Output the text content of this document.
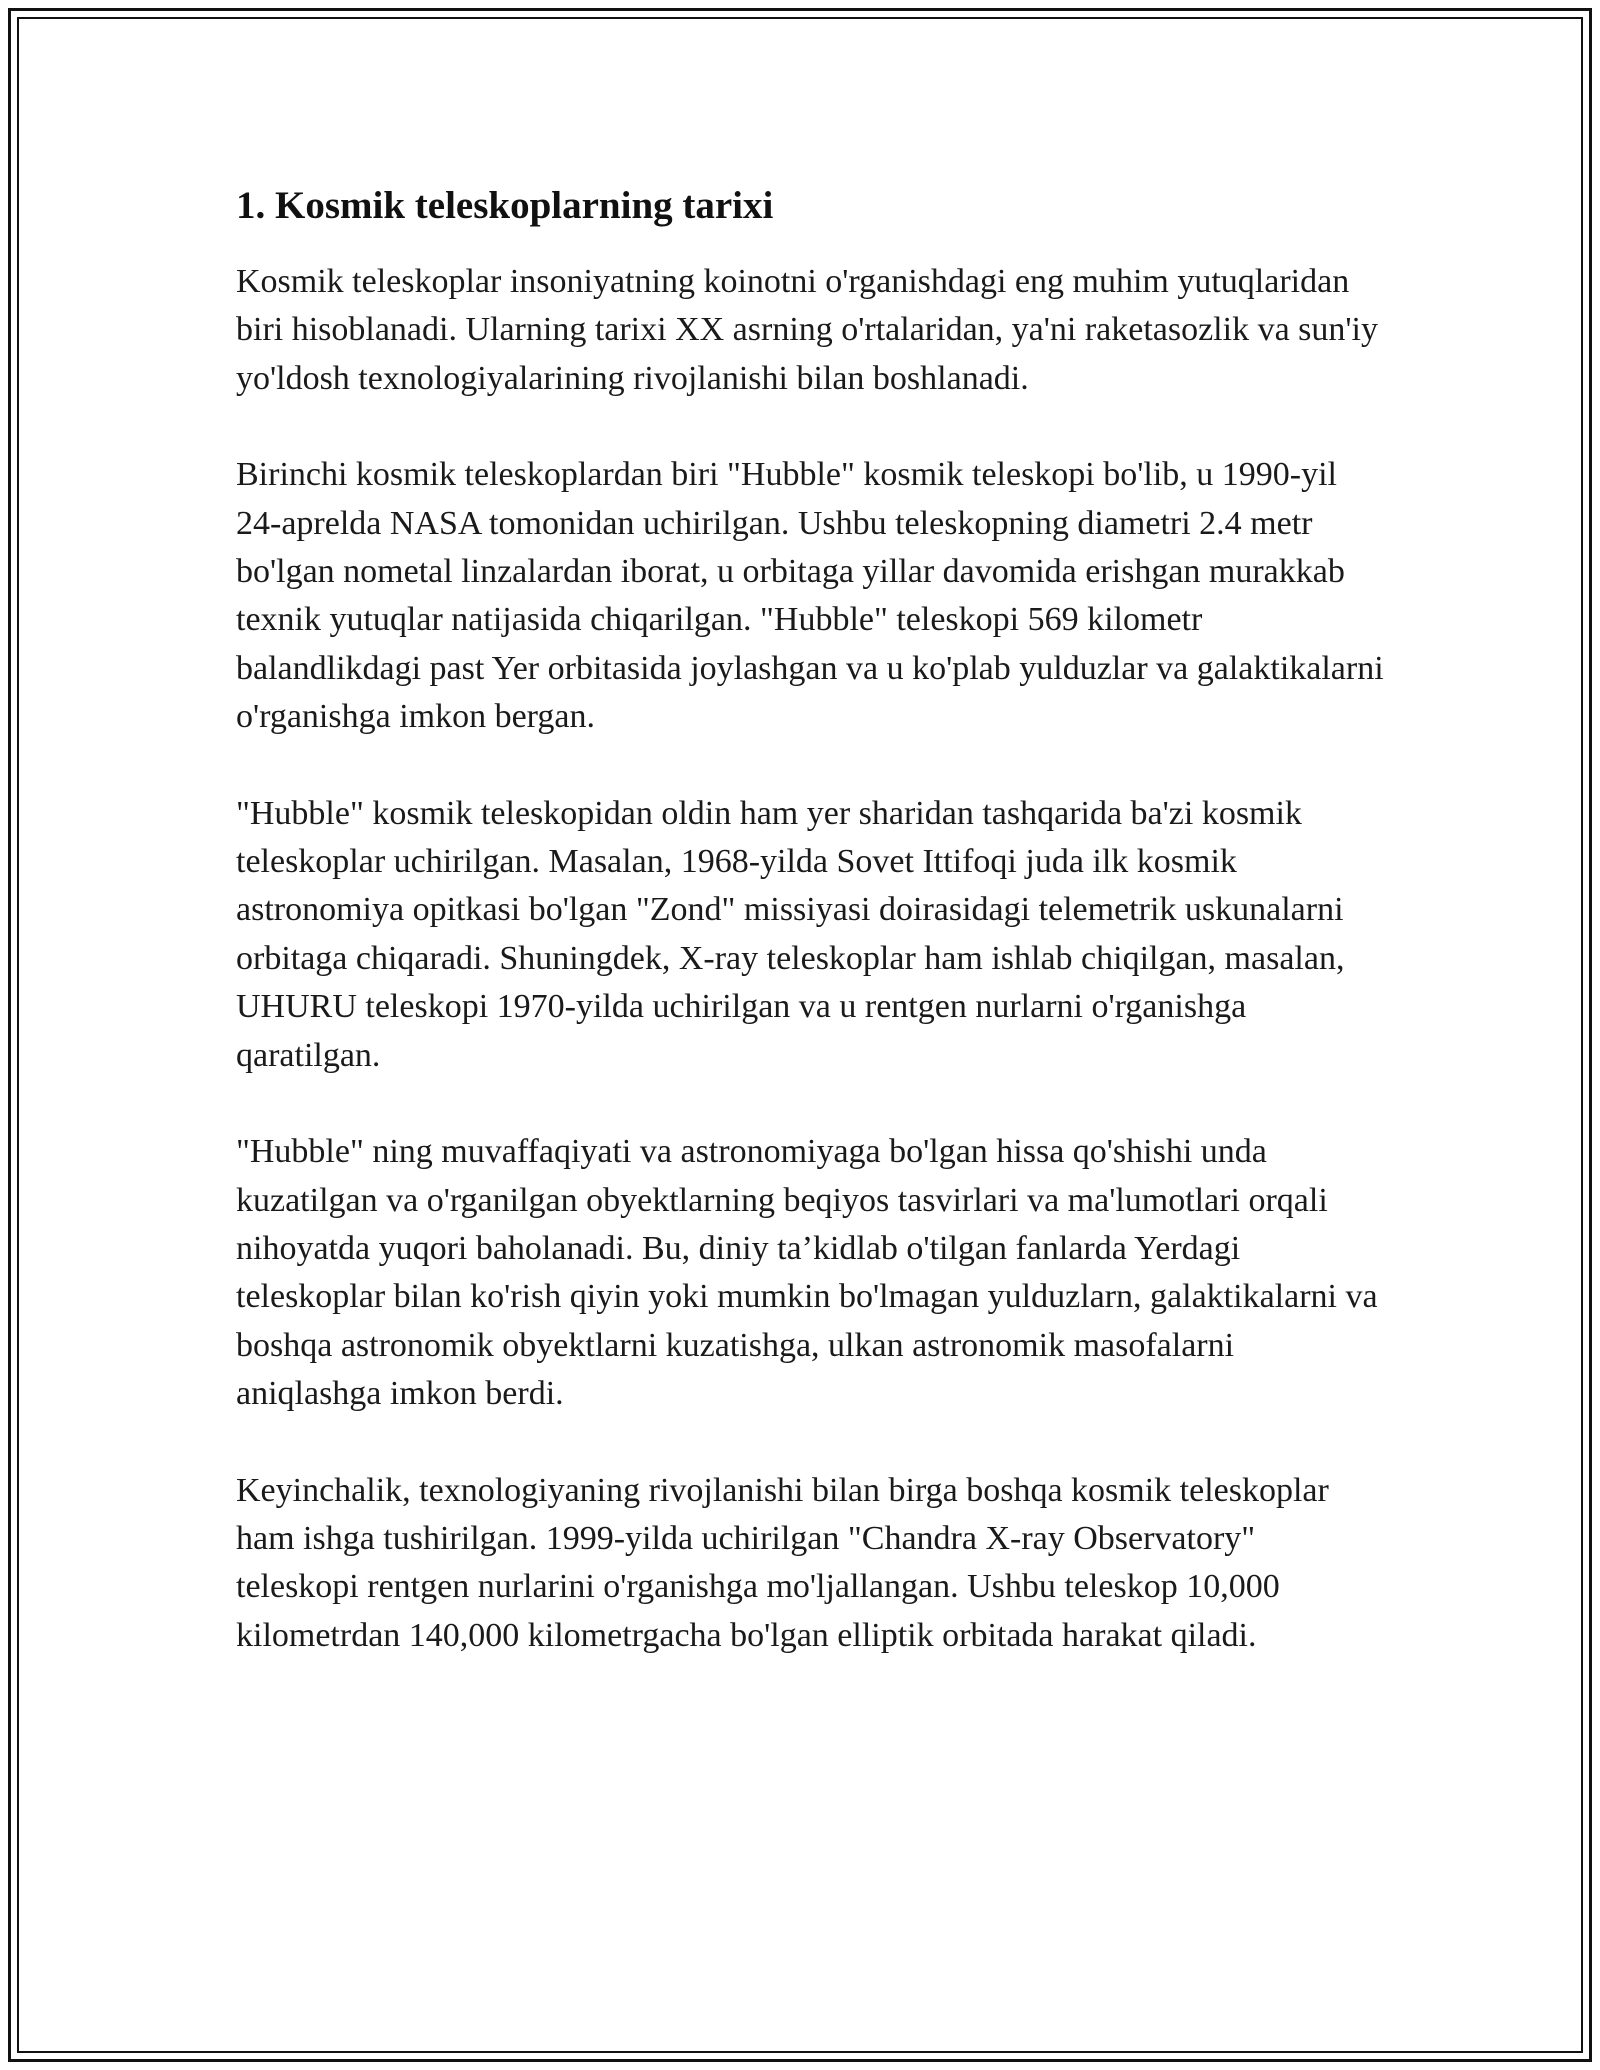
1. Kosmik teleskoplarning tarixi

Kosmik teleskoplar insoniyatning koinotni o'rganishdagi eng muhim yutuqlaridan biri hisoblanadi. Ularning tarixi XX asrning o'rtalaridan, ya'ni raketasozlik va sun'iy yo'ldosh texnologiyalarining rivojlanishi bilan boshlanadi.

Birinchi kosmik teleskoplardan biri "Hubble" kosmik teleskopi bo'lib, u 1990-yil 24-aprelda NASA tomonidan uchirilgan. Ushbu teleskopning diametri 2.4 metr bo'lgan nometal linzalardan iborat, u orbitaga yillar davomida erishgan murakkab texnik yutuqlar natijasida chiqarilgan. "Hubble" teleskopi 569 kilometr balandlikdagi past Yer orbitasida joylashgan va u ko'plab yulduzlar va galaktikalarni o'rganishga imkon bergan.

"Hubble" kosmik teleskopidan oldin ham yer sharidan tashqarida ba'zi kosmik teleskoplar uchirilgan. Masalan, 1968-yilda Sovet Ittifoqi juda ilk kosmik astronomiya opitkasi bo'lgan "Zond" missiyasi doirasidagi telemetrik uskunalarni orbitaga chiqaradi. Shuningdek, X-ray teleskoplar ham ishlab chiqilgan, masalan, UHURU teleskopi 1970-yilda uchirilgan va u rentgen nurlarni o'rganishga qaratilgan.

"Hubble" ning muvaffaqiyati va astronomiyaga bo'lgan hissa qo'shishi unda kuzatilgan va o'rganilgan obyektlarning beqiyos tasvirlari va ma'lumotlari orqali nihoyatda yuqori baholanadi. Bu, diniy ta’kidlab o'tilgan fanlarda Yerdagi teleskoplar bilan ko'rish qiyin yoki mumkin bo'lmagan yulduzlarn, galaktikalarni va boshqa astronomik obyektlarni kuzatishga, ulkan astronomik masofalarni aniqlashga imkon berdi.

Keyinchalik, texnologiyaning rivojlanishi bilan birga boshqa kosmik teleskoplar ham ishga tushirilgan. 1999-yilda uchirilgan "Chandra X-ray Observatory" teleskopi rentgen nurlarini o'rganishga mo'ljallangan. Ushbu teleskop 10,000 kilometrdan 140,000 kilometrgacha bo'lgan elliptik orbitada harakat qiladi.
